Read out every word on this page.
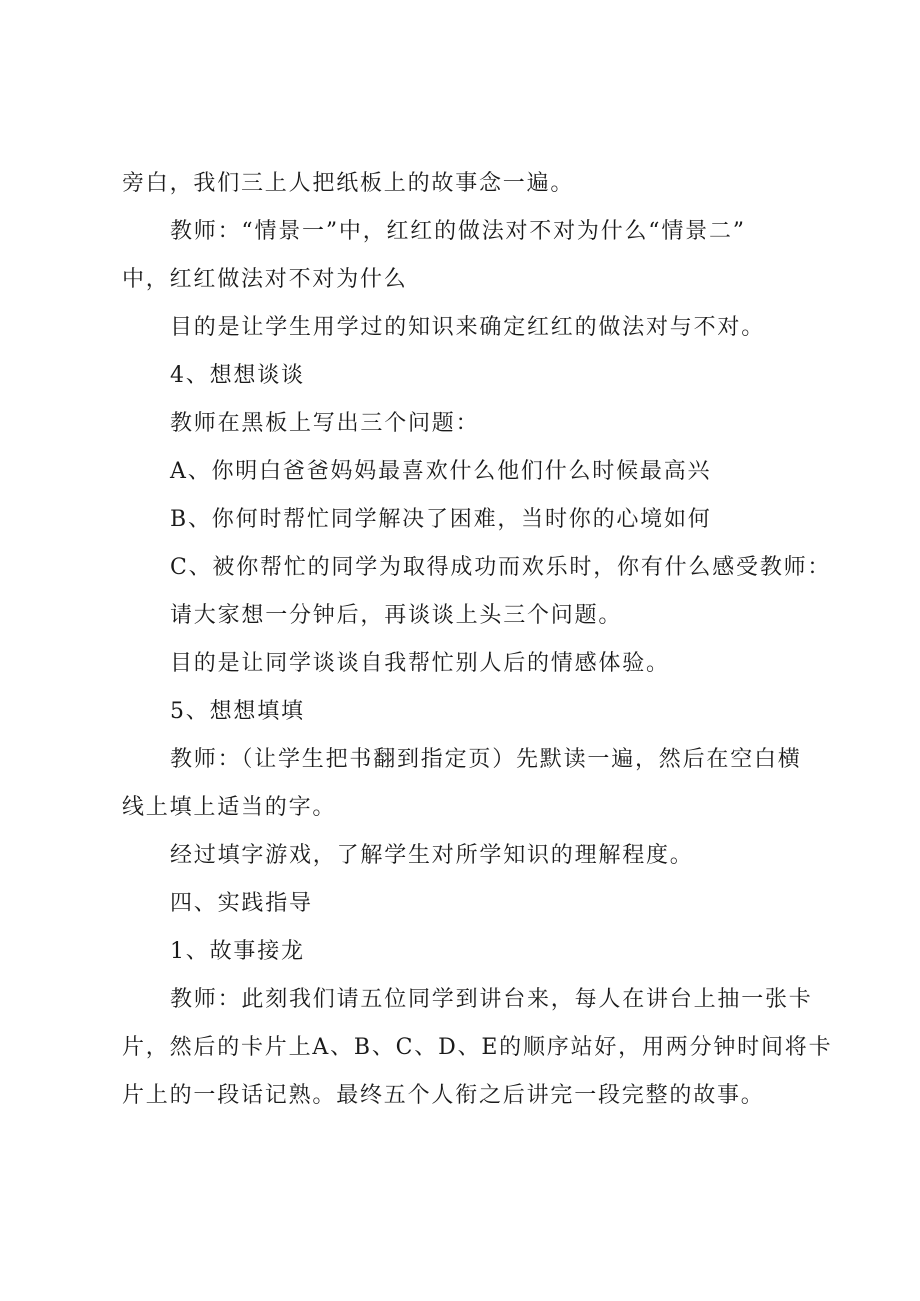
旁白，我们三上人把纸板上的故事念一遍。
教师：“情景一”中，红红的做法对不对为什么“情景二”
中，红红做法对不对为什么
目的是让学生用学过的知识来确定红红的做法对与不对。
4、想想谈谈
教师在黑板上写出三个问题：
A、你明白爸爸妈妈最喜欢什么他们什么时候最高兴
B、你何时帮忙同学解决了困难，当时你的心境如何
C、被你帮忙的同学为取得成功而欢乐时，你有什么感受教师：
请大家想一分钟后，再谈谈上头三个问题。
目的是让同学谈谈自我帮忙别人后的情感体验。
5、想想填填
教师：（让学生把书翻到指定页）先默读一遍，然后在空白横
线上填上适当的字。
经过填字游戏，了解学生对所学知识的理解程度。
四、实践指导
1、故事接龙
教师：此刻我们请五位同学到讲台来，每人在讲台上抽一张卡
片，然后的卡片上A、B、C、D、E的顺序站好，用两分钟时间将卡
片上的一段话记熟。最终五个人衔之后讲完一段完整的故事。
